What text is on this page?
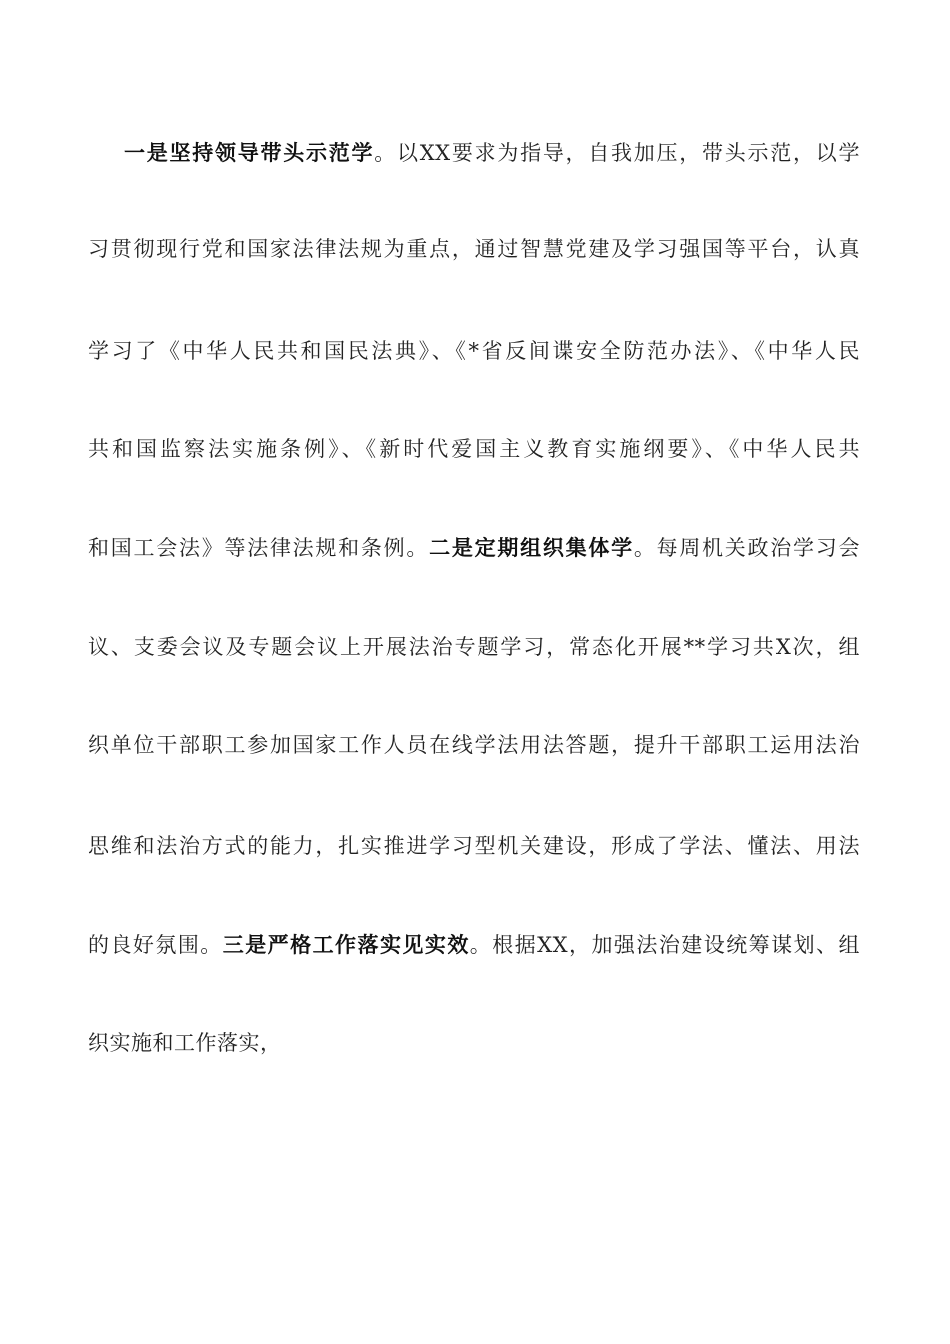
一是坚持领导带头示范学。以XX要求为指导，自我加压，带头示范，以学
习贯彻现行党和国家法律法规为重点，通过智慧党建及学习强国等平台，认真
学习了《中华人民共和国民法典》、《*省反间谍安全防范办法》、《中华人民
共和国监察法实施条例》、《新时代爱国主义教育实施纲要》、《中华人民共
和国工会法》等法律法规和条例。二是定期组织集体学。每周机关政治学习会
议、支委会议及专题会议上开展法治专题学习，常态化开展**学习共X次，组
织单位干部职工参加国家工作人员在线学法用法答题，提升干部职工运用法治
思维和法治方式的能力，扎实推进学习型机关建设，形成了学法、懂法、用法
的良好氛围。三是严格工作落实见实效。根据XX，加强法治建设统筹谋划、组
织实施和工作落实，
